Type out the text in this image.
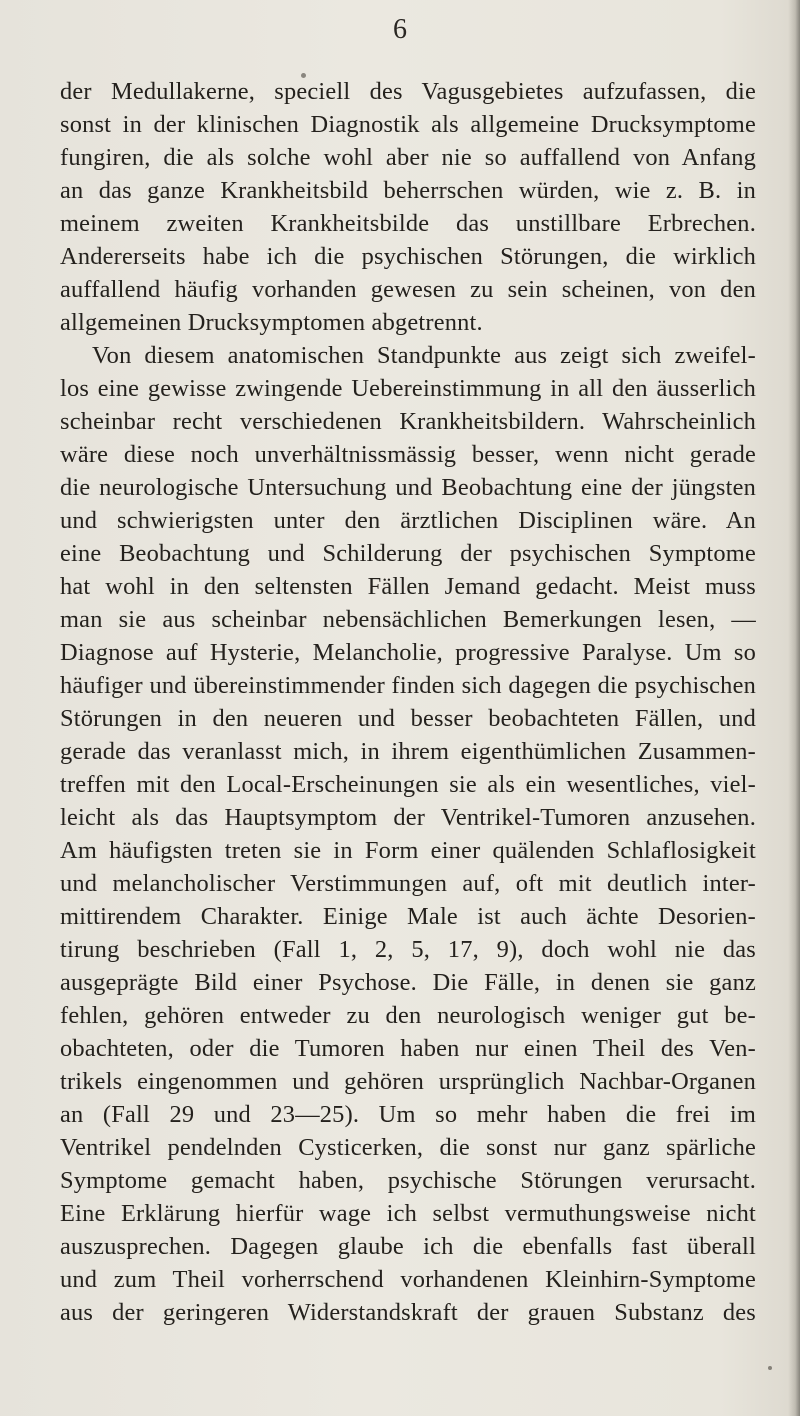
6
der Medullakerne, speciell des Vagusgebietes aufzufassen, die
sonst in der klinischen Diagnostik als allgemeine Drucksymptome
fungiren, die als solche wohl aber nie so auffallend von Anfang
an das ganze Krankheitsbild beherrschen würden, wie z. B. in
meinem zweiten Krankheitsbilde das unstillbare Erbrechen.
Andererseits habe ich die psychischen Störungen, die wirklich
auffallend häufig vorhanden gewesen zu sein scheinen, von den
allgemeinen Drucksymptomen abgetrennt.
Von diesem anatomischen Standpunkte aus zeigt sich zweifel-
los eine gewisse zwingende Uebereinstimmung in all den äusserlich
scheinbar recht verschiedenen Krankheitsbildern. Wahrscheinlich
wäre diese noch unverhältnissmässig besser, wenn nicht gerade
die neurologische Untersuchung und Beobachtung eine der jüngsten
und schwierigsten unter den ärztlichen Disciplinen wäre. An
eine Beobachtung und Schilderung der psychischen Symptome
hat wohl in den seltensten Fällen Jemand gedacht. Meist muss
man sie aus scheinbar nebensächlichen Bemerkungen lesen, —
Diagnose auf Hysterie, Melancholie, progressive Paralyse. Um so
häufiger und übereinstimmender finden sich dagegen die psychischen
Störungen in den neueren und besser beobachteten Fällen, und
gerade das veranlasst mich, in ihrem eigenthümlichen Zusammen-
treffen mit den Local-Erscheinungen sie als ein wesentliches, viel-
leicht als das Hauptsymptom der Ventrikel-Tumoren anzusehen.
Am häufigsten treten sie in Form einer quälenden Schlaflosigkeit
und melancholischer Verstimmungen auf, oft mit deutlich inter-
mittirendem Charakter. Einige Male ist auch ächte Desorien-
tirung beschrieben (Fall 1, 2, 5, 17, 9), doch wohl nie das
ausgeprägte Bild einer Psychose. Die Fälle, in denen sie ganz
fehlen, gehören entweder zu den neurologisch weniger gut be-
obachteten, oder die Tumoren haben nur einen Theil des Ven-
trikels eingenommen und gehören ursprünglich Nachbar-Organen
an (Fall 29 und 23—25). Um so mehr haben die frei im
Ventrikel pendelnden Cysticerken, die sonst nur ganz spärliche
Symptome gemacht haben, psychische Störungen verursacht.
Eine Erklärung hierfür wage ich selbst vermuthungsweise nicht
auszusprechen. Dagegen glaube ich die ebenfalls fast überall
und zum Theil vorherrschend vorhandenen Kleinhirn-Symptome
aus der geringeren Widerstandskraft der grauen Substanz des
